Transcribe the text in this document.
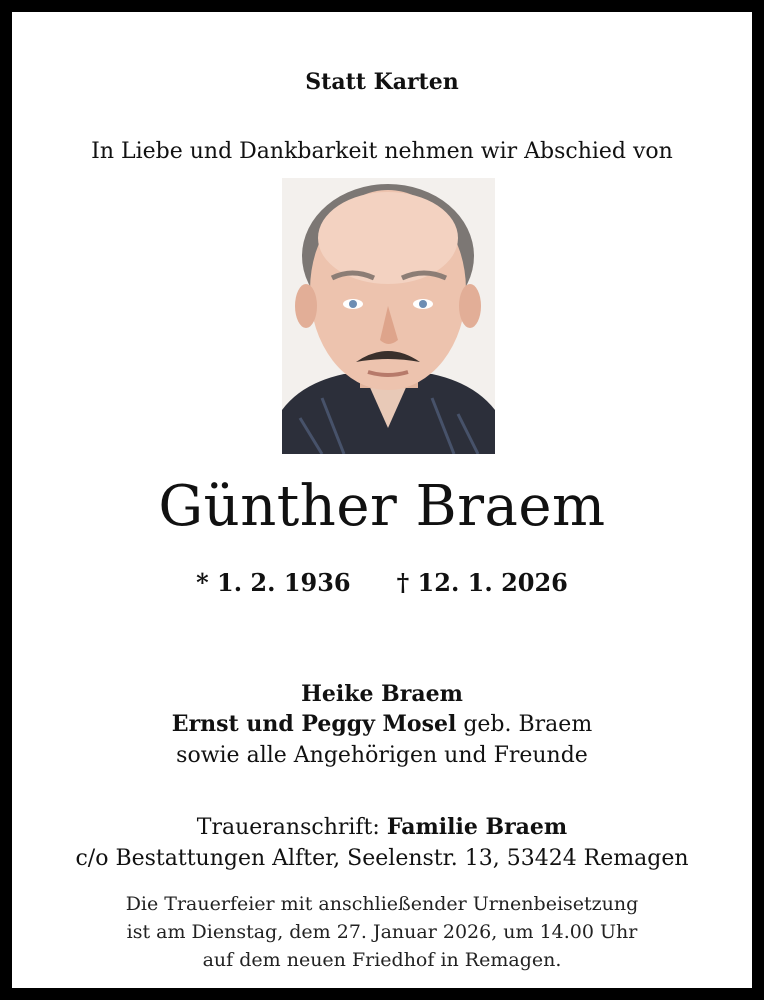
Statt Karten
In Liebe und Dankbarkeit nehmen wir Abschied von
Günther Braem
* 1. 2. 1936 † 12. 1. 2026
Heike Braem
Ernst und Peggy Mosel geb. Braem
sowie alle Angehörigen und Freunde
Traueranschrift: Familie Braem
c/o Bestattungen Alfter, Seelenstr. 13, 53424 Remagen
Die Trauerfeier mit anschließender Urnenbeisetzung
ist am Dienstag, dem 27. Januar 2026, um 14.00 Uhr
auf dem neuen Friedhof in Remagen.
